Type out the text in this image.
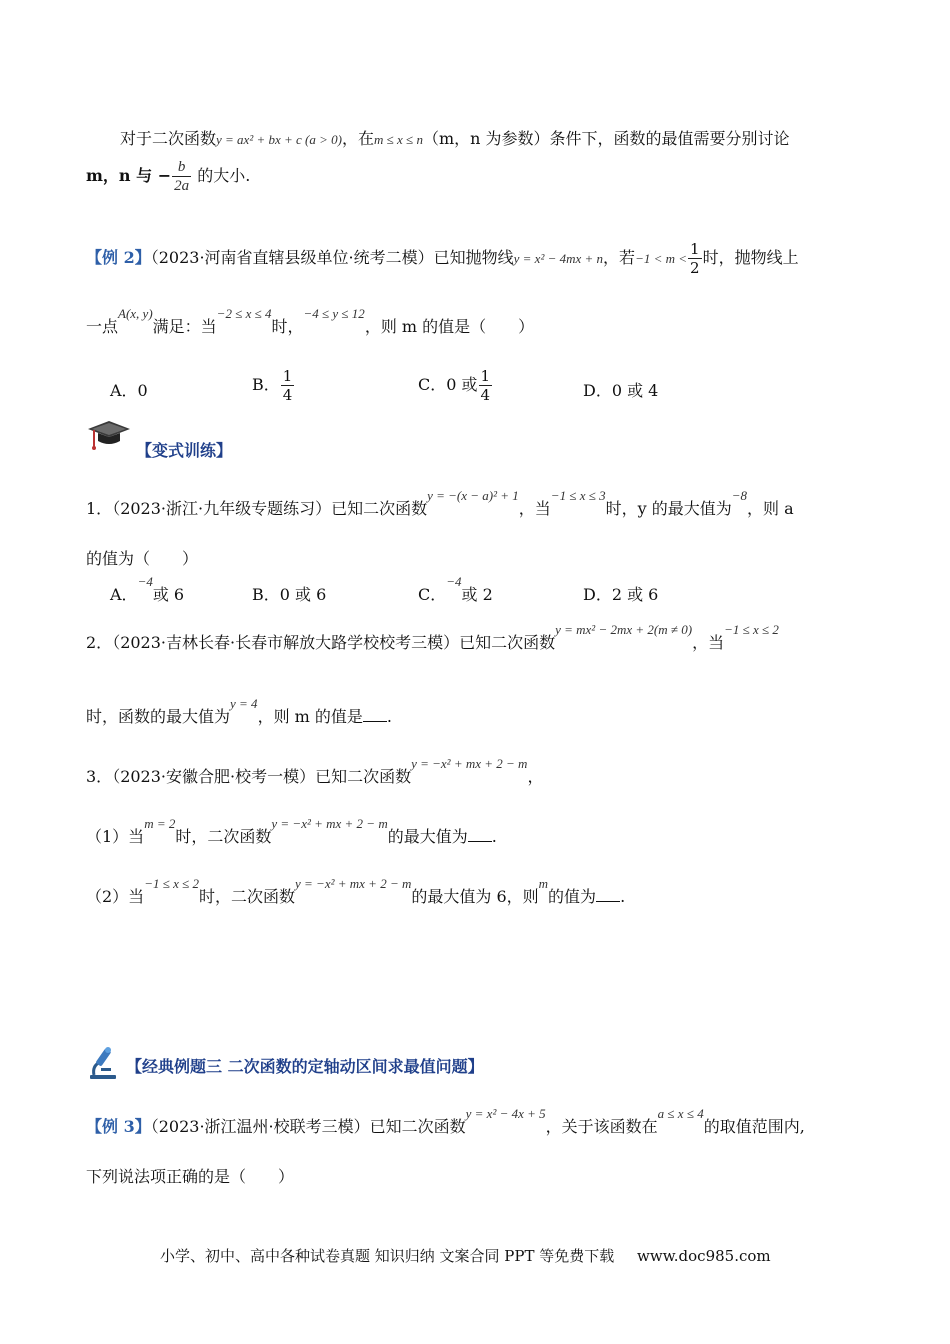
对于二次函数y = ax² + bx + c (a > 0)，在m ≤ x ≤ n（m，n 为参数）条件下，函数的最值需要分别讨论
m，n 与 − $\frac{b}{2a}$ 的大小.
【例 2】（2023·河南省直辖县级单位·统考二模）已知抛物线y = x² − 4mx + n，若$-1 < m < \frac{1}{2}$ 时，抛物线上
一点$^{A(x, y)}$满足：当$^{-2 \le x \le 4}$时，$^{-4 \le y \le 12}$，则 m 的值是（　　）
A．0	B． $\frac{1}{4}$	C．0 或 $\frac{1}{4}$	D．0 或 4
【变式训练】
1．（2023·浙江·九年级专题练习）已知二次函数$^{y = -(x - a)^2 + 1}$，当$^{-1 \le x \le 3}$时，y 的最大值为$^{-8}$，则 a
的值为（　　）
A．$^{-4}$或 6	B．0 或 6	C．$^{-4}$或 2	D．2 或 6
2．（2023·吉林长春·长春市解放大路学校校考三模）已知二次函数$^{y = mx^2 - 2mx + 2(m \ne 0)}$，当$^{-1 \le x \le 2}$
时，函数的最大值为$^{y = 4}$，则 m 的值是 .
3．（2023·安徽合肥·校考一模）已知二次函数$^{y = -x^2 + mx + 2 - m}$，
（1）当$^{m = 2}$时，二次函数$^{y = -x^2 + mx + 2 - m}$的最大值为 .
（2）当$^{-1 \le x \le 2}$时，二次函数$^{y = -x^2 + mx + 2 - m}$的最大值为 6，则$^m$的值为 .
【经典例题三 二次函数的定轴动区间求最值问题】
【例 3】（2023·浙江温州·校联考三模）已知二次函数$^{y = x^2 - 4x + 5}$，关于该函数在$^{a \le x \le 4}$的取值范围内,
下列说法项正确的是（　　）
小学、初中、高中各种试卷真题 知识归纳 文案合同 PPT 等免费下载 www.doc985.com
